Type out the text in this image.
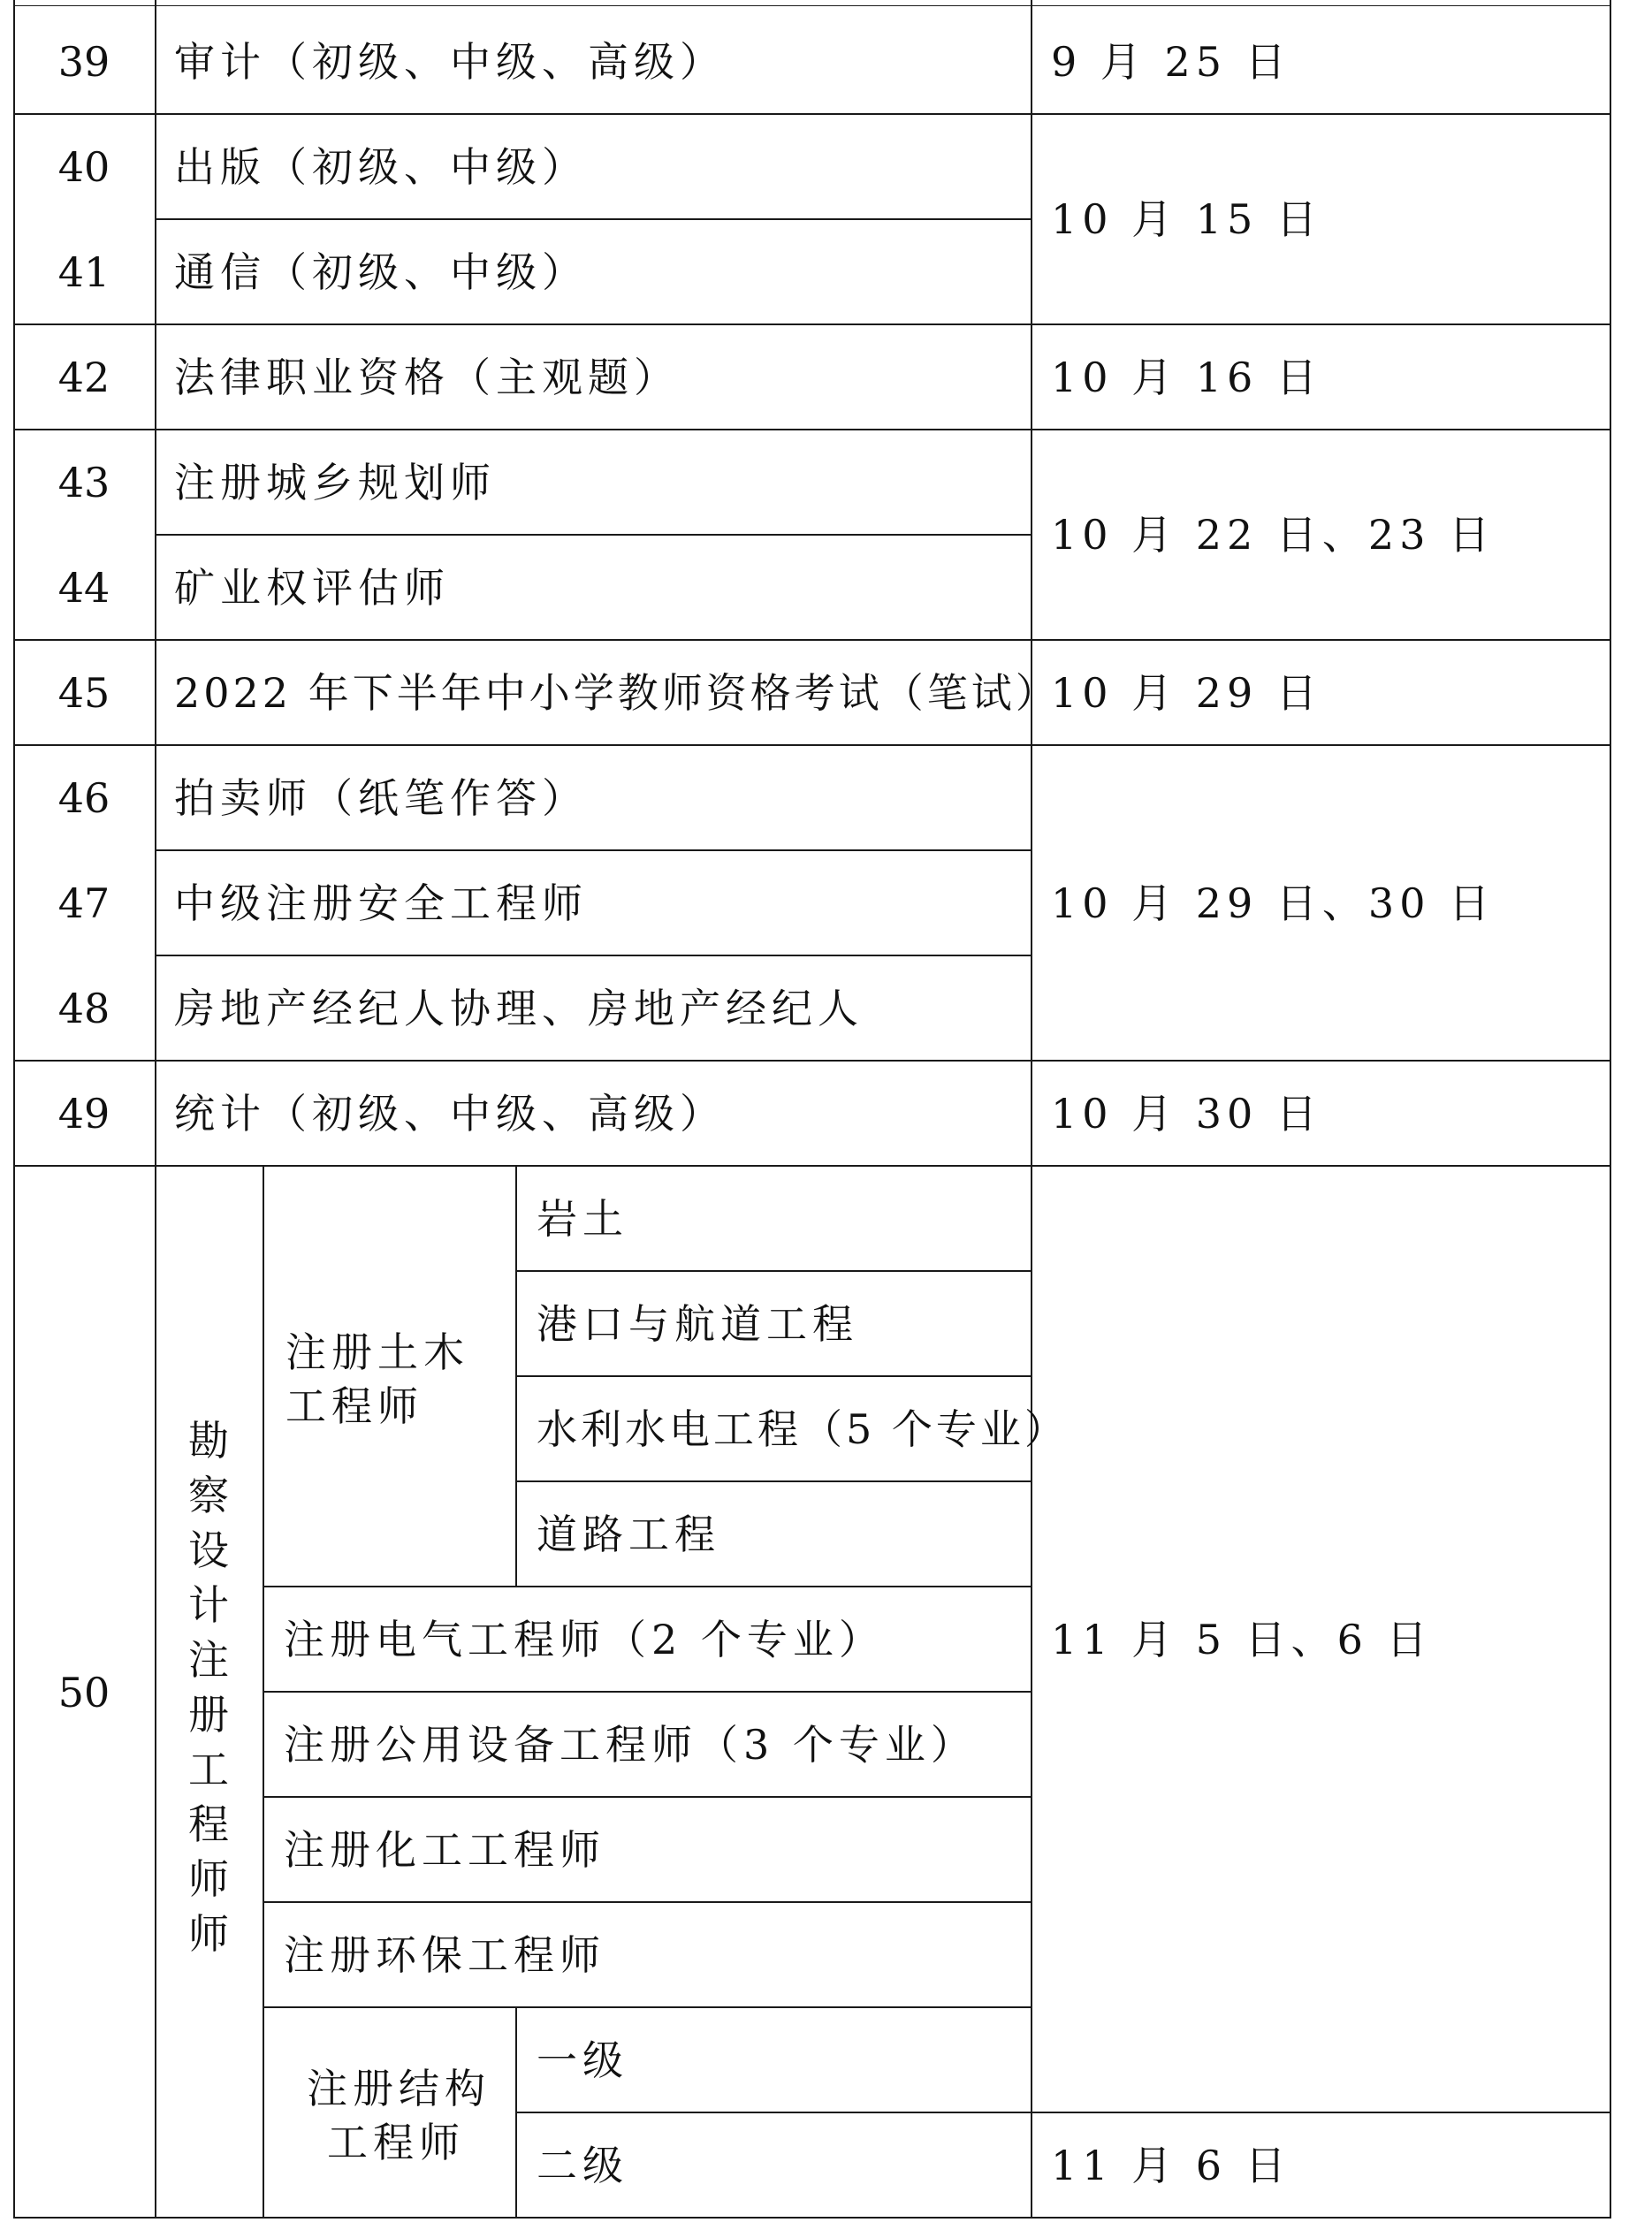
39
40
41
42
43
44
45
46
47
48
49
审计（初级、中级、高级）
出版（初级、中级）
通信（初级、中级）
法律职业资格（主观题）
注册城乡规划师
矿业权评估师
2022 年下半年中小学教师资格考试（笔试）
拍卖师（纸笔作答）
中级注册安全工程师
房地产经纪人协理、房地产经纪人
统计（初级、中级、高级）
9 月 25 日
10 月 15 日
10 月 16 日
10 月 22 日、23 日
10 月 29 日
10 月 29 日、30 日
10 月 30 日
50
勘
察
设
计
注
册
工
程
师
师
注册土木
工程师
岩土
港口与航道工程
水利水电工程（5 个专业）
道路工程
注册电气工程师（2 个专业）
注册公用设备工程师（3 个专业）
注册化工工程师
注册环保工程师
注册结构
工程师
一级
二级
11 月 5 日、6 日
11 月 6 日
